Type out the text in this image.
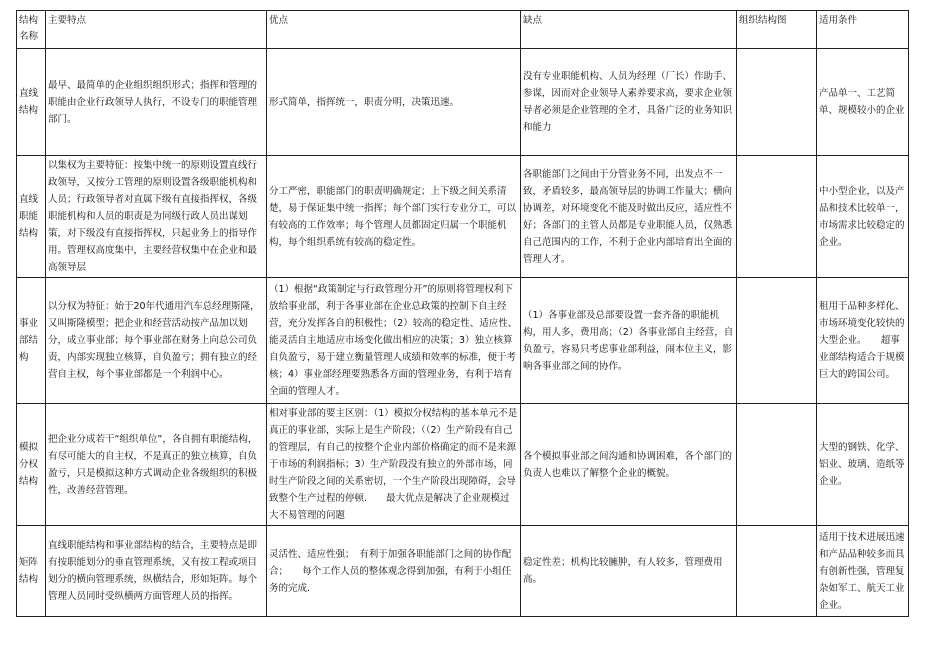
结构名称	主要特点	优点	缺点	组织结构图	适用条件
直线结构	最早、最简单的企业组织组织形式；指挥和管理的职能由企业行政领导人执行，不设专门的职能管理部门。	形式简单，指挥统一，职责分明，决策迅速。	没有专业职能机构、人员为经理（厂长）作助手、参谋，因而对企业领导人素养要求高，要求企业领导者必须是企业管理的全才，具备广泛的业务知识和能力		产品单一、工艺简单、规模较小的企业
直线职能结构	以集权为主要特征：按集中统一的原则设置直线行政领导，又按分工管理的原则设置各级职能机构和人员；行政领导者对直属下级有直接指挥权，各级职能机构和人员的职责是为同级行政人员出谋划策，对下级没有直接指挥权，只起业务上的指导作用。管理权高度集中，主要经营权集中在企业和最高领导层	分工严密，职能部门的职责明确规定；上下级之间关系清楚，易于保证集中统一指挥；每个部门实行专业分工，可以有较高的工作效率；每个管理人员都固定归属一个职能机构，每个组织系统有较高的稳定性。	各职能部门之间由于分管业务不同，出发点不一致，矛盾较多，最高领导层的协调工作量大；横向协调差，对环境变化不能及时做出反应，适应性不好；各部门的主管人员都是专业职能人员，仅熟悉自己范围内的工作，不利于企业内部培育出全面的管理人才。		中小型企业，以及产品和技术比较单一，市场需求比较稳定的企业。
事业部结构	以分权为特征：始于20年代通用汽车总经理斯隆，又叫斯隆模型；把企业和经营活动按产品加以划分，成立事业部；每个事业部在财务上向总公司负责，内部实现独立核算，自负盈亏；拥有独立的经营自主权，每个事业部都是一个利润中心。	（1）根据“政策制定与行政管理分开”的原则将管理权利下放给事业部，利于各事业部在企业总政策的控制下自主经营，充分发挥各自的积极性；（2）较高的稳定性、适应性、能灵活自主地适应市场变化做出相应的决策；3）独立核算自负盈亏，易于建立衡量管理人成绩和效率的标准，便于考核；4）事业部经理要熟悉各方面的管理业务，有利于培育全面的管理人才。	（1）各事业部及总部要设置一套齐备的职能机构，用人多，费用高；（2）各事业部自主经营，自负盈亏，容易只考虑事业部利益，闹本位主义，影响各事业部之间的协作。		租用于品种多样化、市场环境变化较快的大型企业。　　超事业部结构适合于规模巨大的跨国公司。
模拟分权结构	把企业分成若干“组织单位”，各自拥有职能结构，有尽可能大的自主权，不是真正的独立核算，自负盈亏，只是模拟这种方式调动企业各级组织的积极性，改善经营管理。	相对事业部的要主区别：（1）模拟分权结构的基本单元不是真正的事业部，实际上是生产阶段；（（2）生产阶段有自己的管理层，有自己的按整个企业内部价格确定的而不是来源于市场的利润指标；3）生产阶段没有独立的外部市场，同时生产阶段之间的关系密切，一个生产阶段出现障碍，会导致整个生产过程的停顿.　　最大优点是解决了企业规模过大不易管理的问题	各个模拟事业部之间沟通和协调困难，各个部门的负责人也难以了解整个企业的概貌。		大型的钢铁、化学、铝业、玻璃、造纸等企业。
矩阵结构	直线职能结构和事业部结构的结合，主要特点是即有按职能划分的垂直管理系统，又有按工程或项目划分的横向管理系统，纵横结合，形如矩阵。每个管理人员同时受纵横两方面管理人员的指挥。	灵活性、适应性强；　有利于加强各职能部门之间的协作配合；　　每个工作人员的整体观念得到加强，有利于小组任务的完成.	稳定性差；机构比较臃肿，有人较多，管理费用高。		适用于技术进展迅速和产品品种较多而具有创新性强，管理复杂如军工、航天工业企业。
